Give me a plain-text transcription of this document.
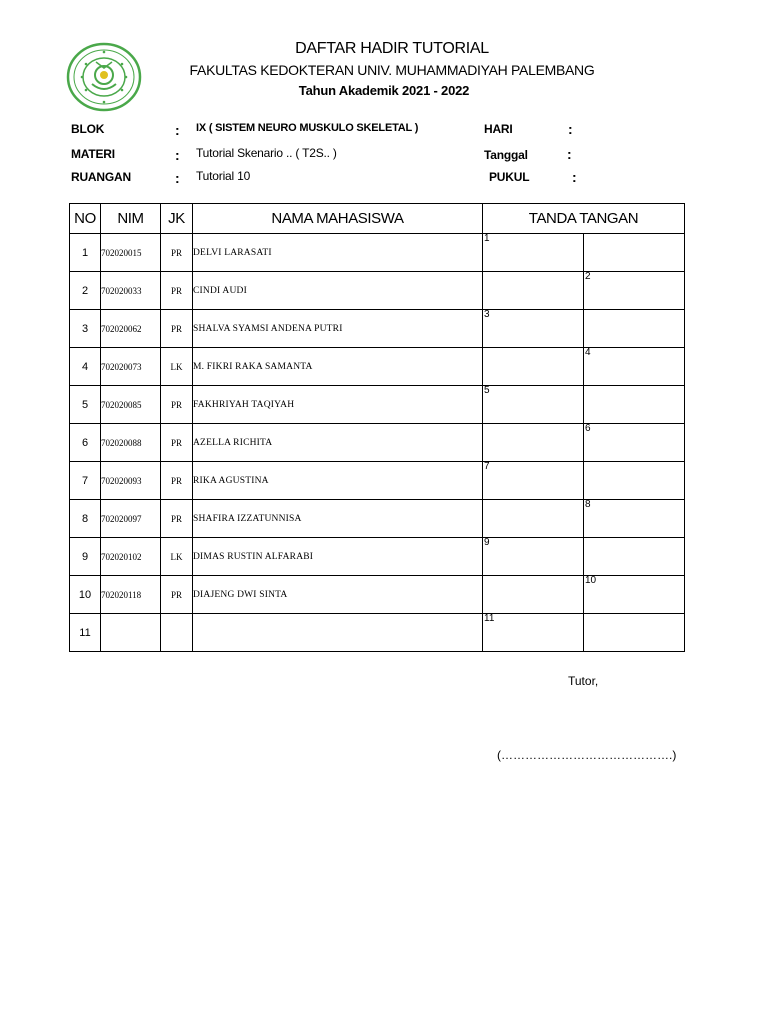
DAFTAR HADIR TUTORIAL
FAKULTAS KEDOKTERAN UNIV. MUHAMMADIYAH PALEMBANG
Tahun Akademik 2021 - 2022
BLOK	: IX ( SISTEM NEURO MUSKULO SKELETAL )
MATERI	: Tutorial Skenario .. ( T2S.. )
RUANGAN	: Tutorial 10
HARI	:
Tanggal	:
PUKUL	:
NO	NIM	JK	NAMA MAHASISWA	TANDA TANGAN	
1	702020015	PR	DELVI LARASATI	1	

2	702020033	PR	CINDI AUDI		2

3	702020062	PR	SHALVA SYAMSI ANDENA PUTRI	3	

4	702020073	LK	M. FIKRI RAKA SAMANTA		4

5	702020085	PR	FAKHRIYAH TAQIYAH	5	

6	702020088	PR	AZELLA RICHITA		6

7	702020093	PR	RIKA AGUSTINA	7	

8	702020097	PR	SHAFIRA IZZATUNNISA		8

9	702020102	LK	DIMAS RUSTIN ALFARABI	9	

10	702020118	PR	DIAJENG DWI SINTA		10

11				11	

Tutor,
(…………………………………….)
